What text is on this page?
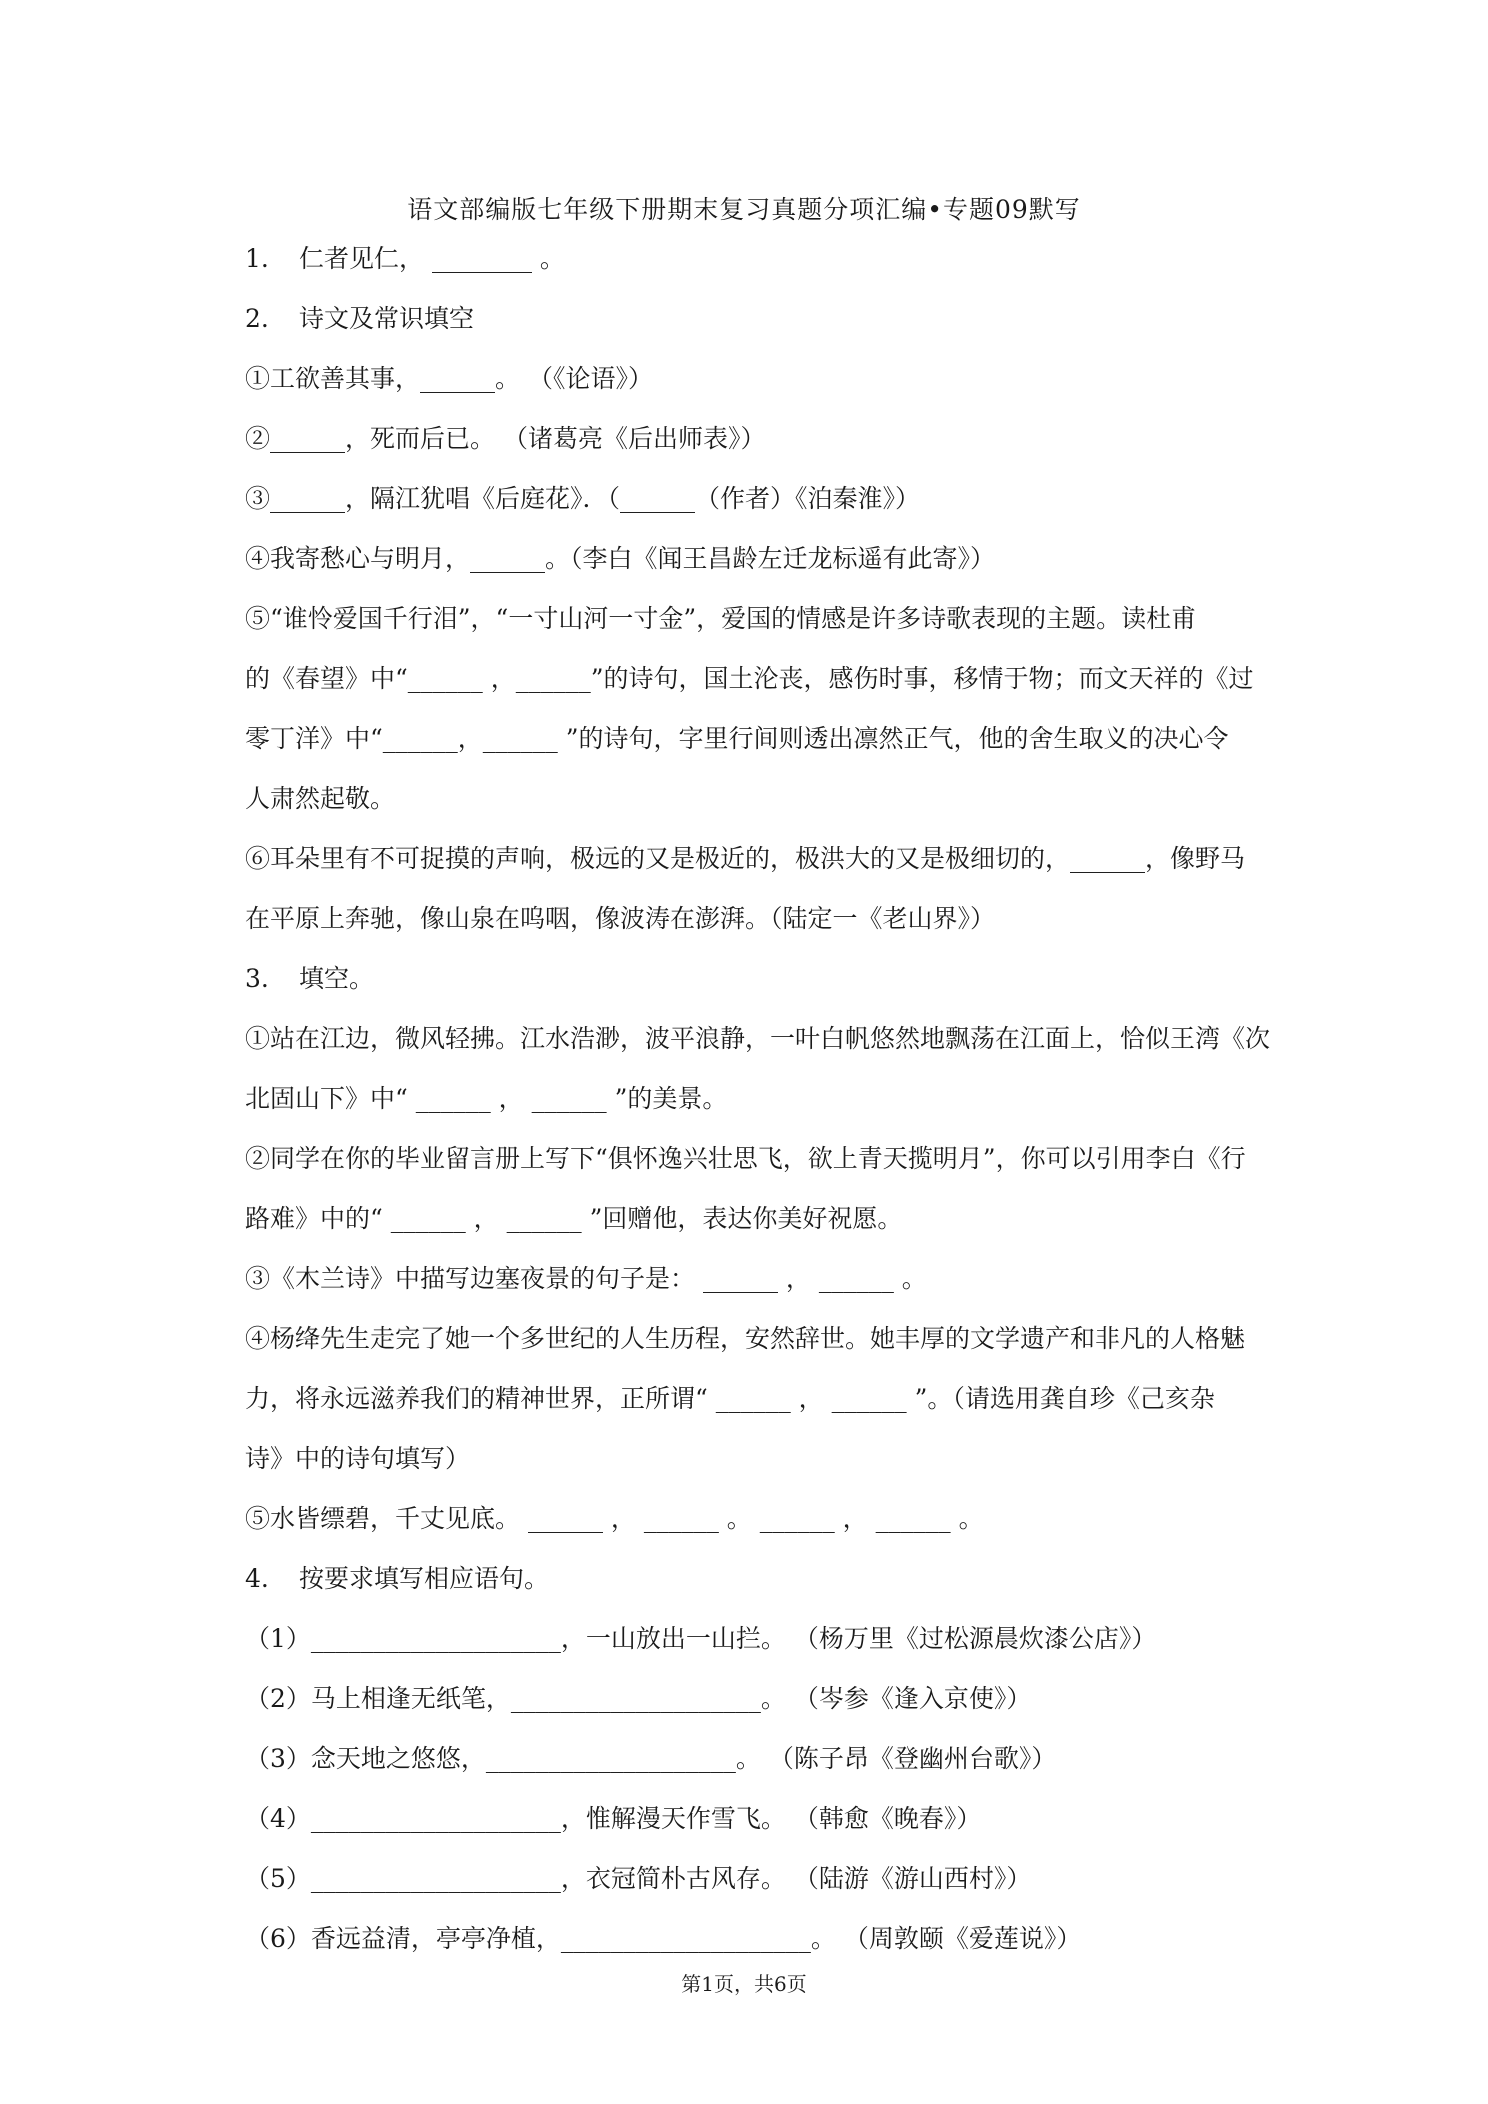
语文部编版七年级下册期末复习真题分项汇编•专题09默写
1. 仁者见仁， ________ 。
2. 诗文及常识填空
①工欲善其事，______。 （《论语》）
②______，死而后已。 （诸葛亮《后出师表》）
③______，隔江犹唱《后庭花》．（______（作者）《泊秦淮》）
④我寄愁心与明月，______。（李白《闻王昌龄左迁龙标遥有此寄》）
⑤“谁怜爱国千行泪”，“一寸山河一寸金”，爱国的情感是许多诗歌表现的主题。读杜甫
的《春望》中“______ ，______”的诗句，国土沦丧，感伤时事，移情于物；而文天祥的《过
零丁洋》中“______，______ ”的诗句，字里行间则透出凛然正气，他的舍生取义的决心令
人肃然起敬。
⑥耳朵里有不可捉摸的声响，极远的又是极近的，极洪大的又是极细切的，______，像野马
在平原上奔驰，像山泉在呜咽，像波涛在澎湃。（陆定一《老山界》）
3. 填空。
①站在江边，微风轻拂。江水浩渺，波平浪静，一叶白帆悠然地飘荡在江面上，恰似王湾《次
北固山下》中“ ______ ， ______ ”的美景。
②同学在你的毕业留言册上写下“俱怀逸兴壮思飞，欲上青天揽明月”，你可以引用李白《行
路难》中的“ ______ ， ______ ”回赠他，表达你美好祝愿。
③《木兰诗》中描写边塞夜景的句子是： ______ ， ______ 。
④杨绛先生走完了她一个多世纪的人生历程，安然辞世。她丰厚的文学遗产和非凡的人格魅
力，将永远滋养我们的精神世界，正所谓“ ______ ， ______ ”。（请选用龚自珍《己亥杂
诗》中的诗句填写）
⑤水皆缥碧，千丈见底。 ______ ， ______ 。 ______ ， ______ 。
4. 按要求填写相应语句。
（1）____________________，一山放出一山拦。 （杨万里《过松源晨炊漆公店》）
（2）马上相逢无纸笔，____________________。 （岑参《逢入京使》）
（3）念天地之悠悠，____________________。 （陈子昂《登幽州台歌》）
（4）____________________，惟解漫天作雪飞。 （韩愈《晚春》）
（5）____________________，衣冠简朴古风存。 （陆游《游山西村》）
（6）香远益清，亭亭净植，____________________。 （周敦颐《爱莲说》）
第1页，共6页
